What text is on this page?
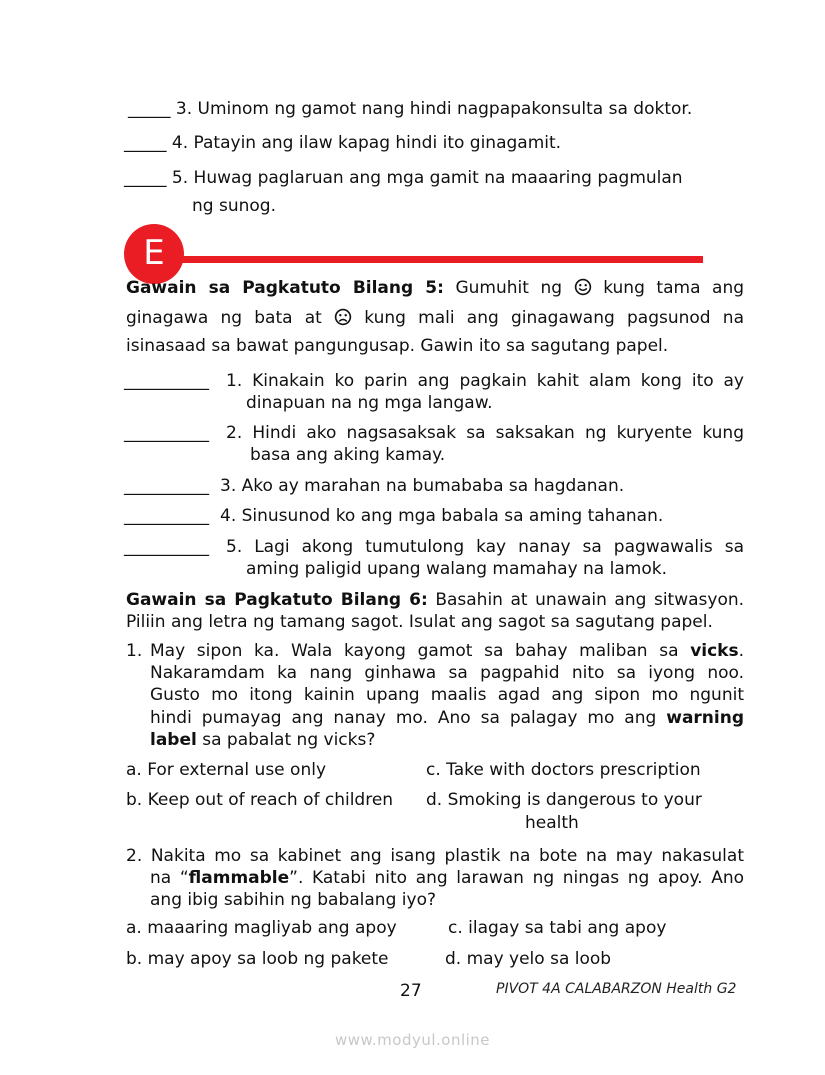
_____ 3. Uminom ng gamot nang hindi nagpapakonsulta sa doktor.
_____ 4. Patayin ang ilaw kapag hindi ito ginagamit.
_____ 5. Huwag paglaruan ang mga gamit na maaaring pagmulan
ng sunog.
E
Gawain sa Pagkatuto Bilang 5: Gumuhit ng kung tama ang
ginagawa ng bata at kung mali ang ginagawang pagsunod na
isinasaad sa bawat pangungusap. Gawin ito sa sagutang papel.
__________ 1. Kinakain ko parin ang pagkain kahit alam kong ito ay
dinapuan na ng mga langaw.
__________ 2. Hindi ako nagsasaksak sa saksakan ng kuryente kung
basa ang aking kamay.
__________ 3. Ako ay marahan na bumababa sa hagdanan.
__________ 4. Sinusunod ko ang mga babala sa aming tahanan.
__________ 5. Lagi akong tumutulong kay nanay sa pagwawalis sa
aming paligid upang walang mamahay na lamok.
Gawain sa Pagkatuto Bilang 6: Basahin at unawain ang sitwasyon.
Piliin ang letra ng tamang sagot. Isulat ang sagot sa sagutang papel.
1. May sipon ka. Wala kayong gamot sa bahay maliban sa vicks.
Nakaramdam ka nang ginhawa sa pagpahid nito sa iyong noo.
Gusto mo itong kainin upang maalis agad ang sipon mo ngunit
hindi pumayag ang nanay mo. Ano sa palagay mo ang warning
label sa pabalat ng vicks?
a. For external use only	c. Take with doctors prescription
b. Keep out of reach of children d. Smoking is dangerous to your
health
2. Nakita mo sa kabinet ang isang plastik na bote na may nakasulat
na “flammable”. Katabi nito ang larawan ng ningas ng apoy. Ano
ang ibig sabihin ng babalang iyo?
a. maaaring magliyab ang apoy	c. ilagay sa tabi ang apoy
b. may apoy sa loob ng pakete	d. may yelo sa loob
27	PIVOT 4A CALABARZON Health G2
www.modyul.online
